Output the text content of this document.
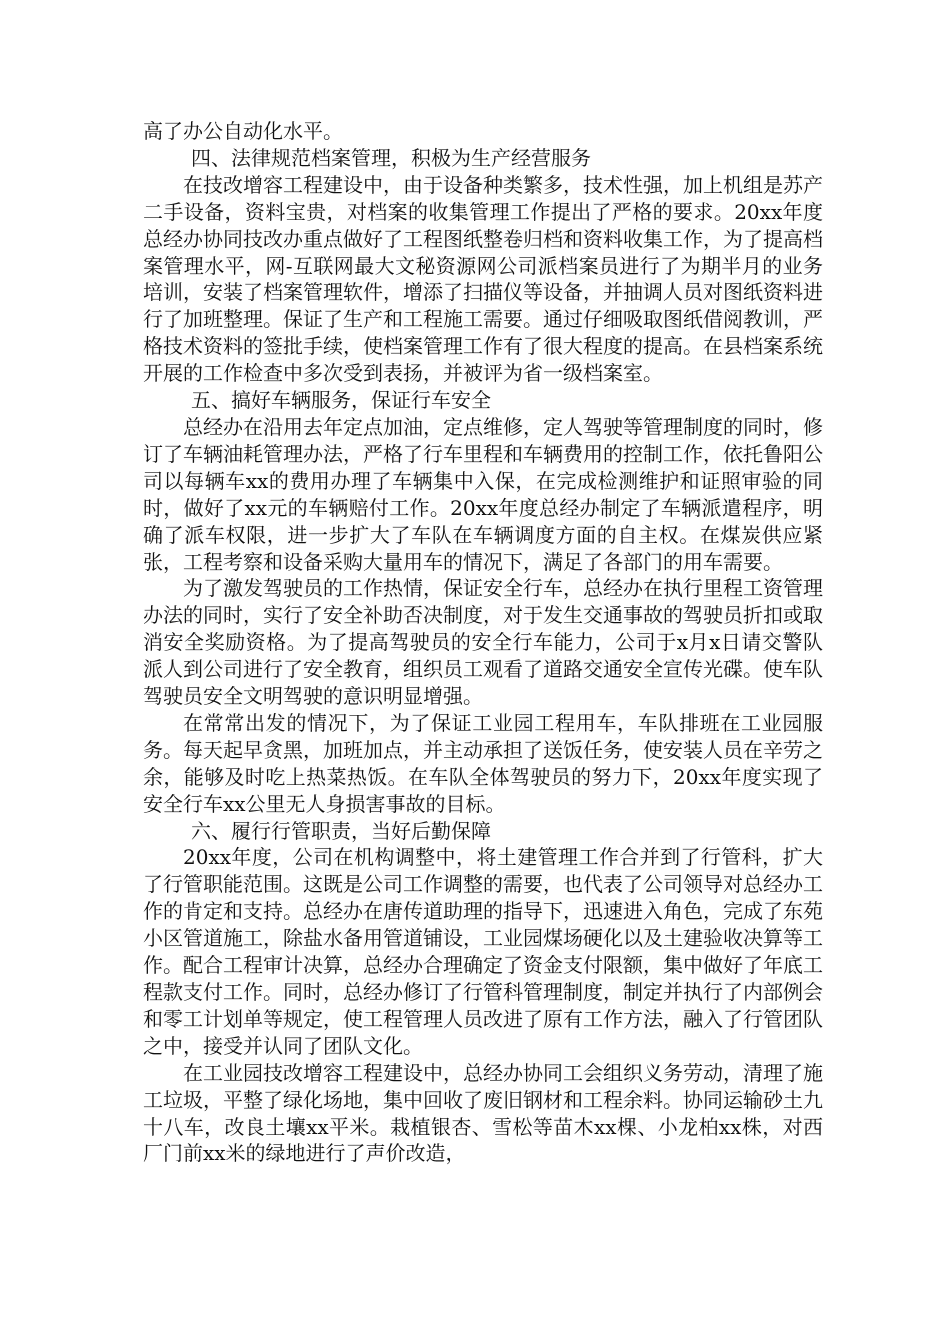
高了办公自动化水平。

四、法律规范档案管理，积极为生产经营服务

在技改增容工程建设中，由于设备种类繁多，技术性强，加上机组是苏产二手设备，资料宝贵，对档案的收集管理工作提出了严格的要求。20xx年度总经办协同技改办重点做好了工程图纸整卷归档和资料收集工作，为了提高档案管理水平，网-互联网最大文秘资源网公司派档案员进行了为期半月的业务培训，安装了档案管理软件，增添了扫描仪等设备，并抽调人员对图纸资料进行了加班整理。保证了生产和工程施工需要。通过仔细吸取图纸借阅教训，严格技术资料的签批手续，使档案管理工作有了很大程度的提高。在县档案系统开展的工作检查中多次受到表扬，并被评为省一级档案室。

五、搞好车辆服务，保证行车安全

总经办在沿用去年定点加油，定点维修，定人驾驶等管理制度的同时，修订了车辆油耗管理办法，严格了行车里程和车辆费用的控制工作，依托鲁阳公司以每辆车xx的费用办理了车辆集中入保，在完成检测维护和证照审验的同时，做好了xx元的车辆赔付工作。20xx年度总经办制定了车辆派遣程序，明确了派车权限，进一步扩大了车队在车辆调度方面的自主权。在煤炭供应紧张，工程考察和设备采购大量用车的情况下，满足了各部门的用车需要。

为了激发驾驶员的工作热情，保证安全行车，总经办在执行里程工资管理办法的同时，实行了安全补助否决制度，对于发生交通事故的驾驶员折扣或取消安全奖励资格。为了提高驾驶员的安全行车能力，公司于x月x日请交警队派人到公司进行了安全教育，组织员工观看了道路交通安全宣传光碟。使车队驾驶员安全文明驾驶的意识明显增强。

在常常出发的情况下，为了保证工业园工程用车，车队排班在工业园服务。每天起早贪黑，加班加点，并主动承担了送饭任务，使安装人员在辛劳之余，能够及时吃上热菜热饭。在车队全体驾驶员的努力下，20xx年度实现了安全行车xx公里无人身损害事故的目标。

六、履行行管职责，当好后勤保障

20xx年度，公司在机构调整中，将土建管理工作合并到了行管科，扩大了行管职能范围。这既是公司工作调整的需要，也代表了公司领导对总经办工作的肯定和支持。总经办在唐传道助理的指导下，迅速进入角色，完成了东苑小区管道施工，除盐水备用管道铺设，工业园煤场硬化以及土建验收决算等工作。配合工程审计决算，总经办合理确定了资金支付限额，集中做好了年底工程款支付工作。同时，总经办修订了行管科管理制度，制定并执行了内部例会和零工计划单等规定，使工程管理人员改进了原有工作方法，融入了行管团队之中，接受并认同了团队文化。

在工业园技改增容工程建设中，总经办协同工会组织义务劳动，清理了施工垃圾，平整了绿化场地，集中回收了废旧钢材和工程余料。协同运输砂土九十八车，改良土壤xx平米。栽植银杏、雪松等苗木xx棵、小龙柏xx株，对西厂门前xx米的绿地进行了声价改造，
